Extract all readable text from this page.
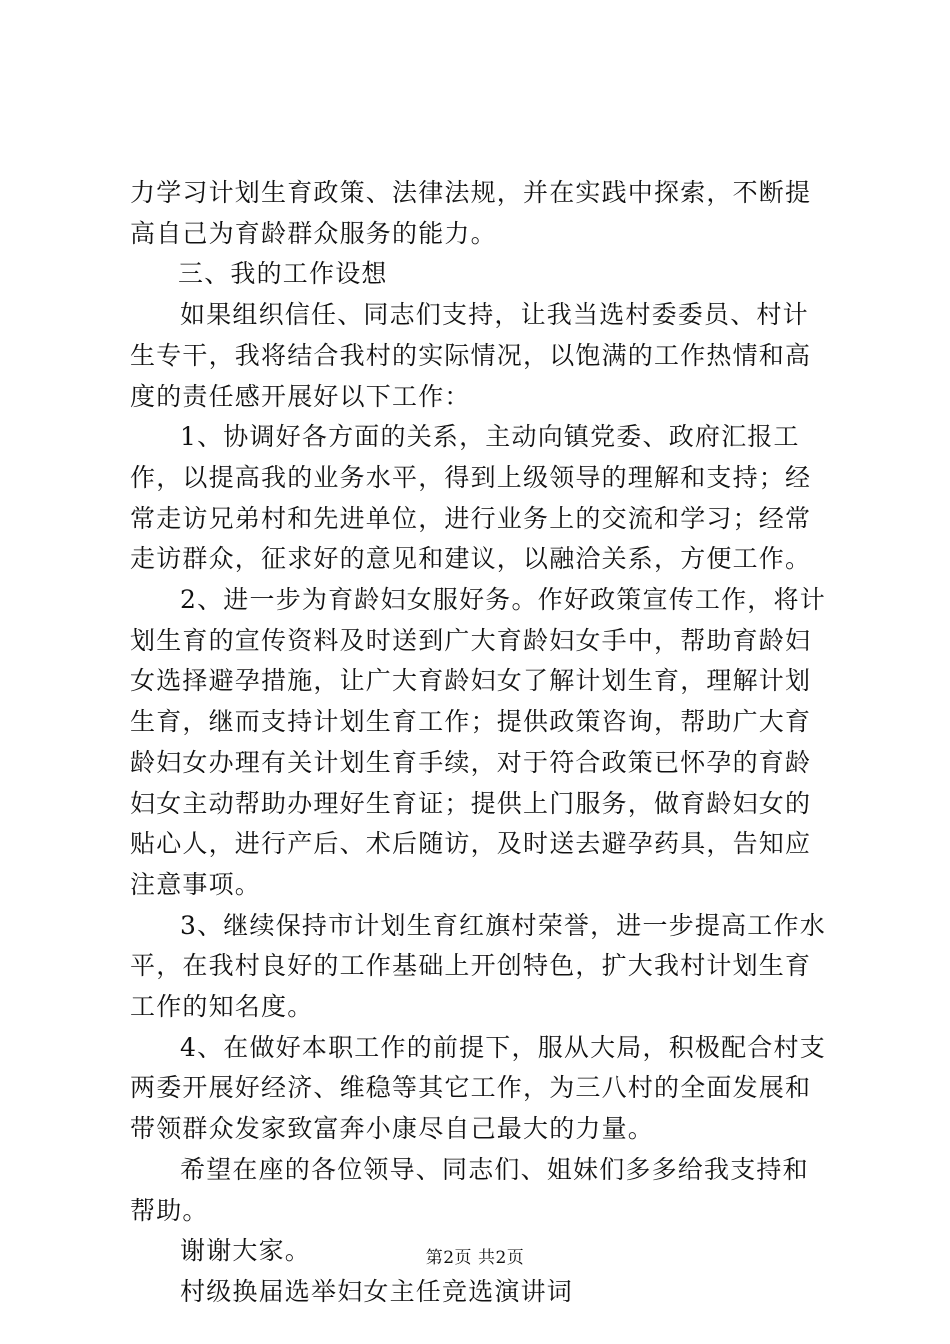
力学习计划生育政策、法律法规，并在实践中探索，不断提高自己为育龄群众服务的能力。

三、我的工作设想

如果组织信任、同志们支持，让我当选村委委员、村计生专干，我将结合我村的实际情况，以饱满的工作热情和高度的责任感开展好以下工作：

1、协调好各方面的关系，主动向镇党委、政府汇报工作，以提高我的业务水平，得到上级领导的理解和支持；经常走访兄弟村和先进单位，进行业务上的交流和学习；经常走访群众，征求好的意见和建议，以融洽关系，方便工作。

2、进一步为育龄妇女服好务。作好政策宣传工作，将计划生育的宣传资料及时送到广大育龄妇女手中，帮助育龄妇女选择避孕措施，让广大育龄妇女了解计划生育，理解计划生育，继而支持计划生育工作；提供政策咨询，帮助广大育龄妇女办理有关计划生育手续，对于符合政策已怀孕的育龄妇女主动帮助办理好生育证；提供上门服务，做育龄妇女的贴心人，进行产后、术后随访，及时送去避孕药具，告知应注意事项。

3、继续保持市计划生育红旗村荣誉，进一步提高工作水平，在我村良好的工作基础上开创特色，扩大我村计划生育工作的知名度。

4、在做好本职工作的前提下，服从大局，积极配合村支两委开展好经济、维稳等其它工作，为三八村的全面发展和带领群众发家致富奔小康尽自己最大的力量。

希望在座的各位领导、同志们、姐妹们多多给我支持和帮助。

谢谢大家。

村级换届选举妇女主任竞选演讲词

第2页 共2页
